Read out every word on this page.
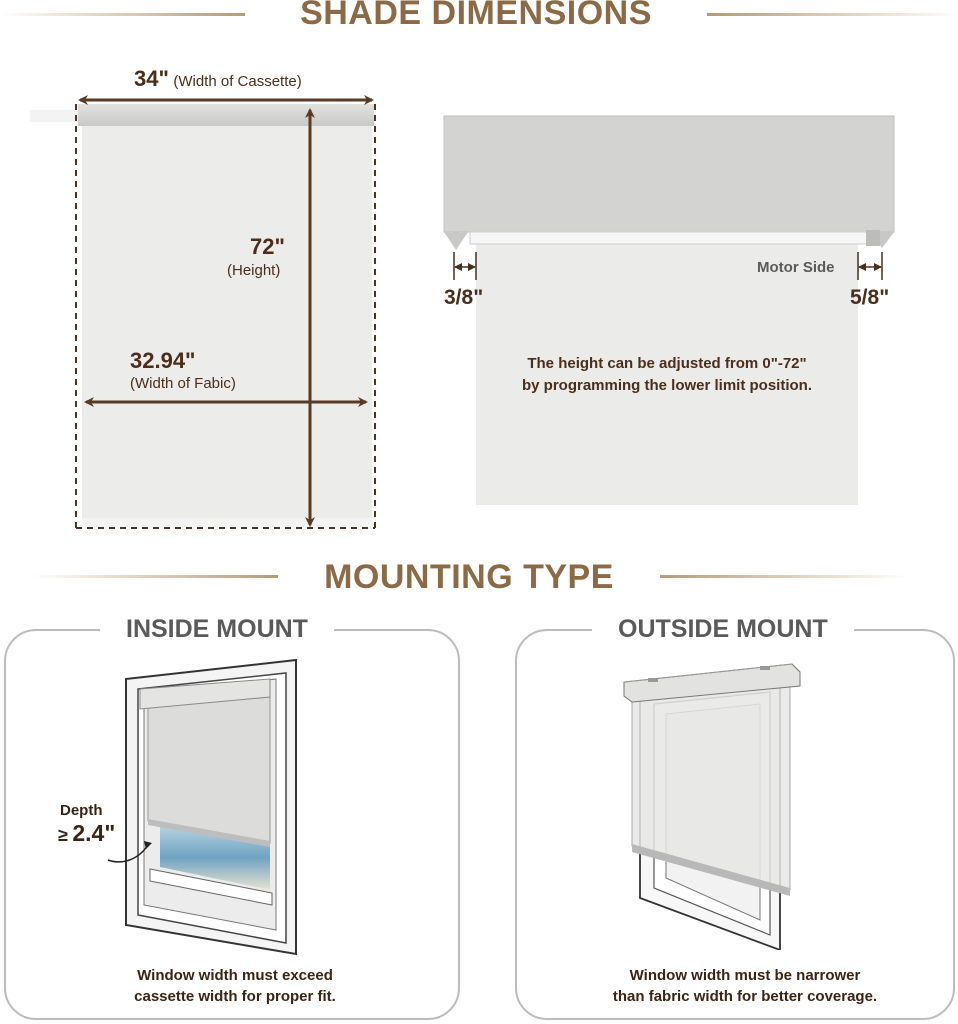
SHADE DIMENSIONS
34" (Width of Cassette)
72"
(Height)
32.94"
(Width of Fabic)
3/8"	5/8"
Motor Side
The height can be adjusted from 0"-72"
by programming the lower limit position.
MOUNTING TYPE
INSIDE MOUNT
Depth
≥ 2.4"
Window width must exceed
cassette width for proper fit.
OUTSIDE MOUNT
Window width must be narrower
than fabric width for better coverage.
